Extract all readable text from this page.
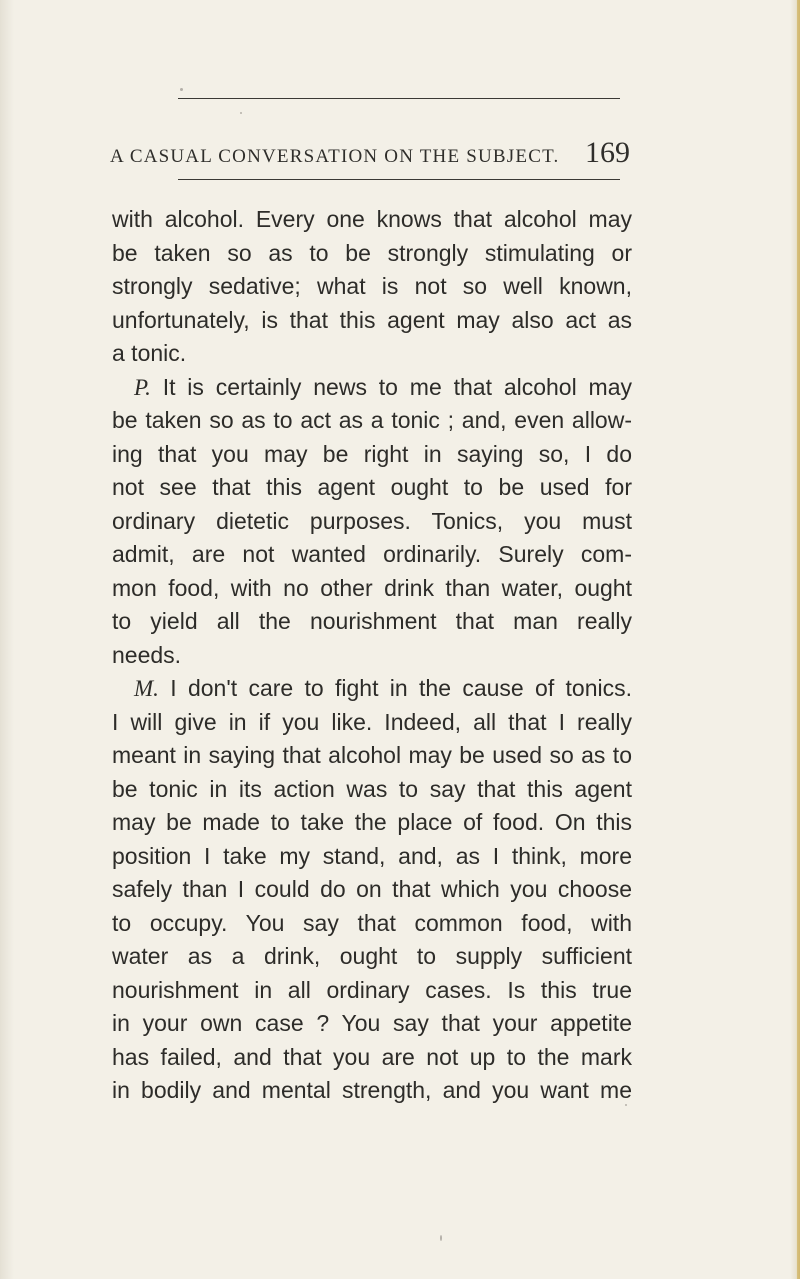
A CASUAL CONVERSATION ON THE SUBJECT. 169
with alcohol. Every one knows that alcohol may
be taken so as to be strongly stimulating or
strongly sedative; what is not so well known,
unfortunately, is that this agent may also act as
a tonic.
P. It is certainly news to me that alcohol may
be taken so as to act as a tonic ; and, even allow-
ing that you may be right in saying so, I do
not see that this agent ought to be used for
ordinary dietetic purposes. Tonics, you must
admit, are not wanted ordinarily. Surely com-
mon food, with no other drink than water, ought
to yield all the nourishment that man really
needs.
M. I don't care to fight in the cause of tonics.
I will give in if you like. Indeed, all that I really
meant in saying that alcohol may be used so as to
be tonic in its action was to say that this agent
may be made to take the place of food. On this
position I take my stand, and, as I think, more
safely than I could do on that which you choose
to occupy. You say that common food, with
water as a drink, ought to supply sufficient
nourishment in all ordinary cases. Is this true
in your own case ? You say that your appetite
has failed, and that you are not up to the mark
in bodily and mental strength, and you want me
